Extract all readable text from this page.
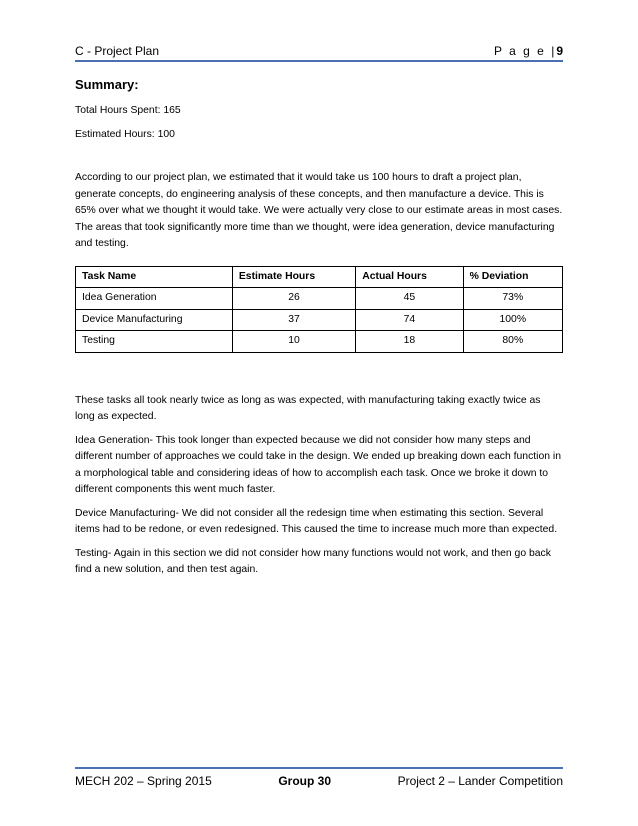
C - Project Plan	P a g e |9
Summary:

Total Hours Spent: 165

Estimated Hours: 100

According to our project plan, we estimated that it would take us 100 hours to draft a project plan, generate concepts, do engineering analysis of these concepts, and then manufacture a device. This is 65% over what we thought it would take. We were actually very close to our estimate areas in most cases. The areas that took significantly more time than we thought, were idea generation, device manufacturing and testing.

Task Name	Estimate Hours	Actual Hours	% Deviation
Idea Generation	26	45	73%
Device Manufacturing	37	74	100%
Testing	10	18	80%

These tasks all took nearly twice as long as was expected, with manufacturing taking exactly twice as long as expected.

Idea Generation- This took longer than expected because we did not consider how many steps and different number of approaches we could take in the design. We ended up breaking down each function in a morphological table and considering ideas of how to accomplish each task. Once we broke it down to different components this went much faster.

Device Manufacturing- We did not consider all the redesign time when estimating this section. Several items had to be redone, or even redesigned. This caused the time to increase much more than expected.

Testing- Again in this section we did not consider how many functions would not work, and then go back find a new solution, and then test again.

MECH 202 – Spring 2015	Group 30	Project 2 – Lander Competition
